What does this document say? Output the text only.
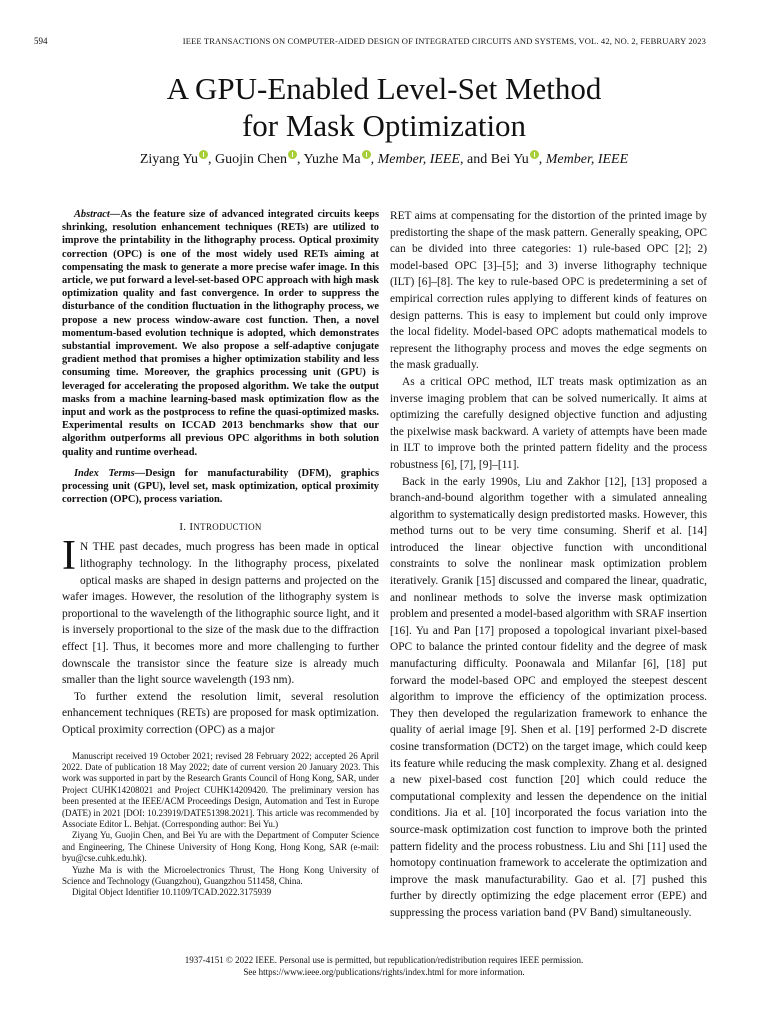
594	IEEE TRANSACTIONS ON COMPUTER-AIDED DESIGN OF INTEGRATED CIRCUITS AND SYSTEMS, VOL. 42, NO. 2, FEBRUARY 2023
A GPU-Enabled Level-Set Method
for Mask Optimization
Ziyang Yu , Guojin Chen , Yuzhe Ma , Member, IEEE, and Bei Yu , Member, IEEE

Abstract—As the feature size of advanced integrated circuits keeps shrinking, resolution enhancement techniques (RETs) are utilized to improve the printability in the lithography process. Optical proximity correction (OPC) is one of the most widely used RETs aiming at compensating the mask to generate a more precise wafer image. In this article, we put forward a level-set-based OPC approach with high mask optimization quality and fast convergence. In order to suppress the disturbance of the condition fluctuation in the lithography process, we propose a new process window-aware cost function. Then, a novel momentum-based evolution technique is adopted, which demonstrates substantial improvement. We also propose a self-adaptive conjugate gradient method that promises a higher optimization stability and less consuming time. Moreover, the graphics processing unit (GPU) is leveraged for accelerating the proposed algorithm. We take the output masks from a machine learning-based mask optimization flow as the input and work as the postprocess to refine the quasi-optimized masks. Experimental results on ICCAD 2013 benchmarks show that our algorithm outperforms all previous OPC algorithms in both solution quality and runtime overhead.

Index Terms—Design for manufacturability (DFM), graphics processing unit (GPU), level set, mask optimization, optical proximity correction (OPC), process variation.

I. INTRODUCTION

I N THE past decades, much progress has been made in optical lithography technology. In the lithography process, pixelated optical masks are shaped in design patterns and projected on the wafer images. However, the resolution of the lithography system is proportional to the wavelength of the lithographic source light, and it is inversely proportional to the size of the mask due to the diffraction effect [1]. Thus, it becomes more and more challenging to further downscale the transistor since the feature size is already much smaller than the light source wavelength (193 nm).

To further extend the resolution limit, several resolution enhancement techniques (RETs) are proposed for mask optimization. Optical proximity correction (OPC) as a major

Manuscript received 19 October 2021; revised 28 February 2022; accepted 26 April 2022. Date of publication 18 May 2022; date of current version 20 January 2023. This work was supported in part by the Research Grants Council of Hong Kong, SAR, under Project CUHK14208021 and Project CUHK14209420. The preliminary version has been presented at the IEEE/ACM Proceedings Design, Automation and Test in Europe (DATE) in 2021 [DOI: 10.23919/DATE51398.2021]. This article was recommended by Associate Editor L. Behjat. (Corresponding author: Bei Yu.)

Ziyang Yu, Guojin Chen, and Bei Yu are with the Department of Computer Science and Engineering, The Chinese University of Hong Kong, Hong Kong, SAR (e-mail: byu@cse.cuhk.edu.hk).

Yuzhe Ma is with the Microelectronics Thrust, The Hong Kong University of Science and Technology (Guangzhou), Guangzhou 511458, China.

Digital Object Identifier 10.1109/TCAD.2022.3175939

RET aims at compensating for the distortion of the printed image by predistorting the shape of the mask pattern. Generally speaking, OPC can be divided into three categories: 1) rule-based OPC [2]; 2) model-based OPC [3]–[5]; and 3) inverse lithography technique (ILT) [6]–[8]. The key to rule-based OPC is predetermining a set of empirical correction rules applying to different kinds of features on design patterns. This is easy to implement but could only improve the local fidelity. Model-based OPC adopts mathematical models to represent the lithography process and moves the edge segments on the mask gradually.

As a critical OPC method, ILT treats mask optimization as an inverse imaging problem that can be solved numerically. It aims at optimizing the carefully designed objective function and adjusting the pixelwise mask backward. A variety of attempts have been made in ILT to improve both the printed pattern fidelity and the process robustness [6], [7], [9]–[11].

Back in the early 1990s, Liu and Zakhor [12], [13] proposed a branch-and-bound algorithm together with a simulated annealing algorithm to systematically design predistorted masks. However, this method turns out to be very time consuming. Sherif et al. [14] introduced the linear objective function with unconditional constraints to solve the nonlinear mask optimization problem iteratively. Granik [15] discussed and compared the linear, quadratic, and nonlinear methods to solve the inverse mask optimization problem and presented a model-based algorithm with SRAF insertion [16]. Yu and Pan [17] proposed a topological invariant pixel-based OPC to balance the printed contour fidelity and the degree of mask manufacturing difficulty. Poonawala and Milanfar [6], [18] put forward the model-based OPC and employed the steepest descent algorithm to improve the efficiency of the optimization process. They then developed the regularization framework to enhance the quality of aerial image [9]. Shen et al. [19] performed 2-D discrete cosine transformation (DCT2) on the target image, which could keep its feature while reducing the mask complexity. Zhang et al. designed a new pixel-based cost function [20] which could reduce the computational complexity and lessen the dependence on the initial conditions. Jia et al. [10] incorporated the focus variation into the source-mask optimization cost function to improve both the printed pattern fidelity and the process robustness. Liu and Shi [11] used the homotopy continuation framework to accelerate the optimization and improve the mask manufacturability. Gao et al. [7] pushed this further by directly optimizing the edge placement error (EPE) and suppressing the process variation band (PV Band) simultaneously.

1937-4151 © 2022 IEEE. Personal use is permitted, but republication/redistribution requires IEEE permission.
See https://www.ieee.org/publications/rights/index.html for more information.
